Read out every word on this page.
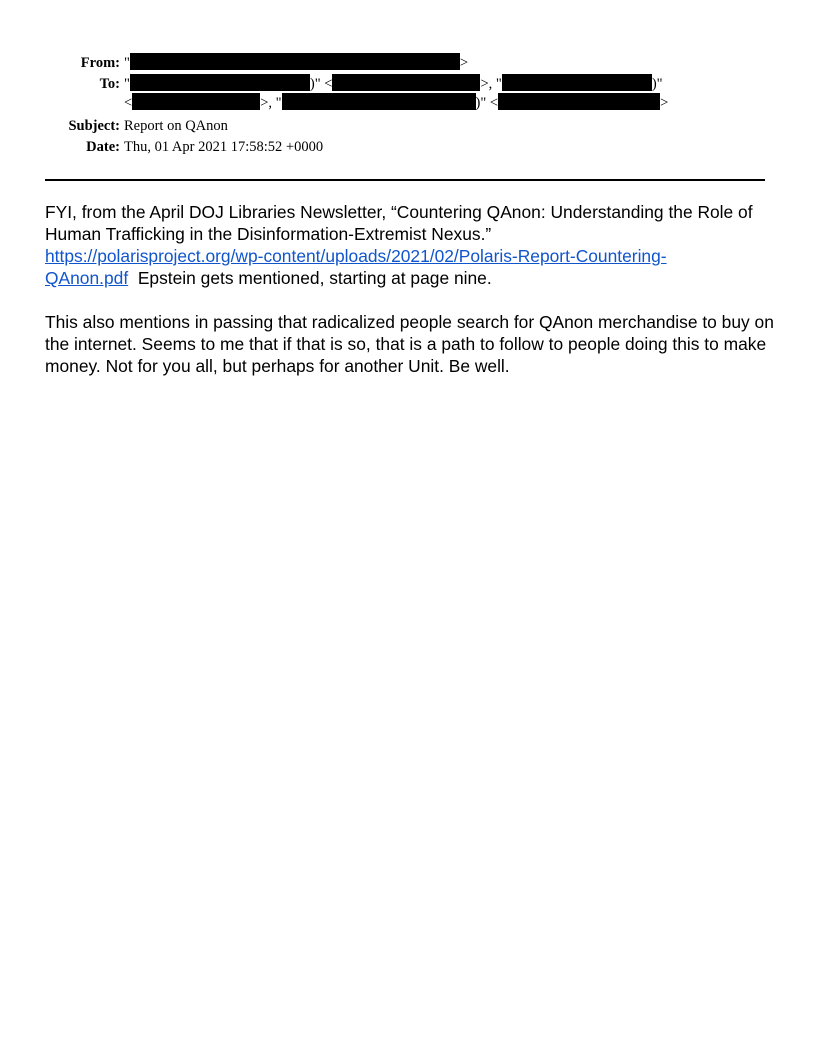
From: "	>
To: "	)" <	>, "	)"
<	>, "	)" <	>
Subject: Report on QAnon
Date: Thu, 01 Apr 2021 17:58:52 +0000

FYI, from the April DOJ Libraries Newsletter, “Countering QAnon: Understanding the Role of Human Trafficking in the Disinformation-Extremist Nexus.”
https://polarisproject.org/wp-content/uploads/2021/02/Polaris-Report-Countering-
QAnon.pdf  Epstein gets mentioned, starting at page nine.

This also mentions in passing that radicalized people search for QAnon merchandise to buy on the internet. Seems to me that if that is so, that is a path to follow to people doing this to make money. Not for you all, but perhaps for another Unit. Be well.
